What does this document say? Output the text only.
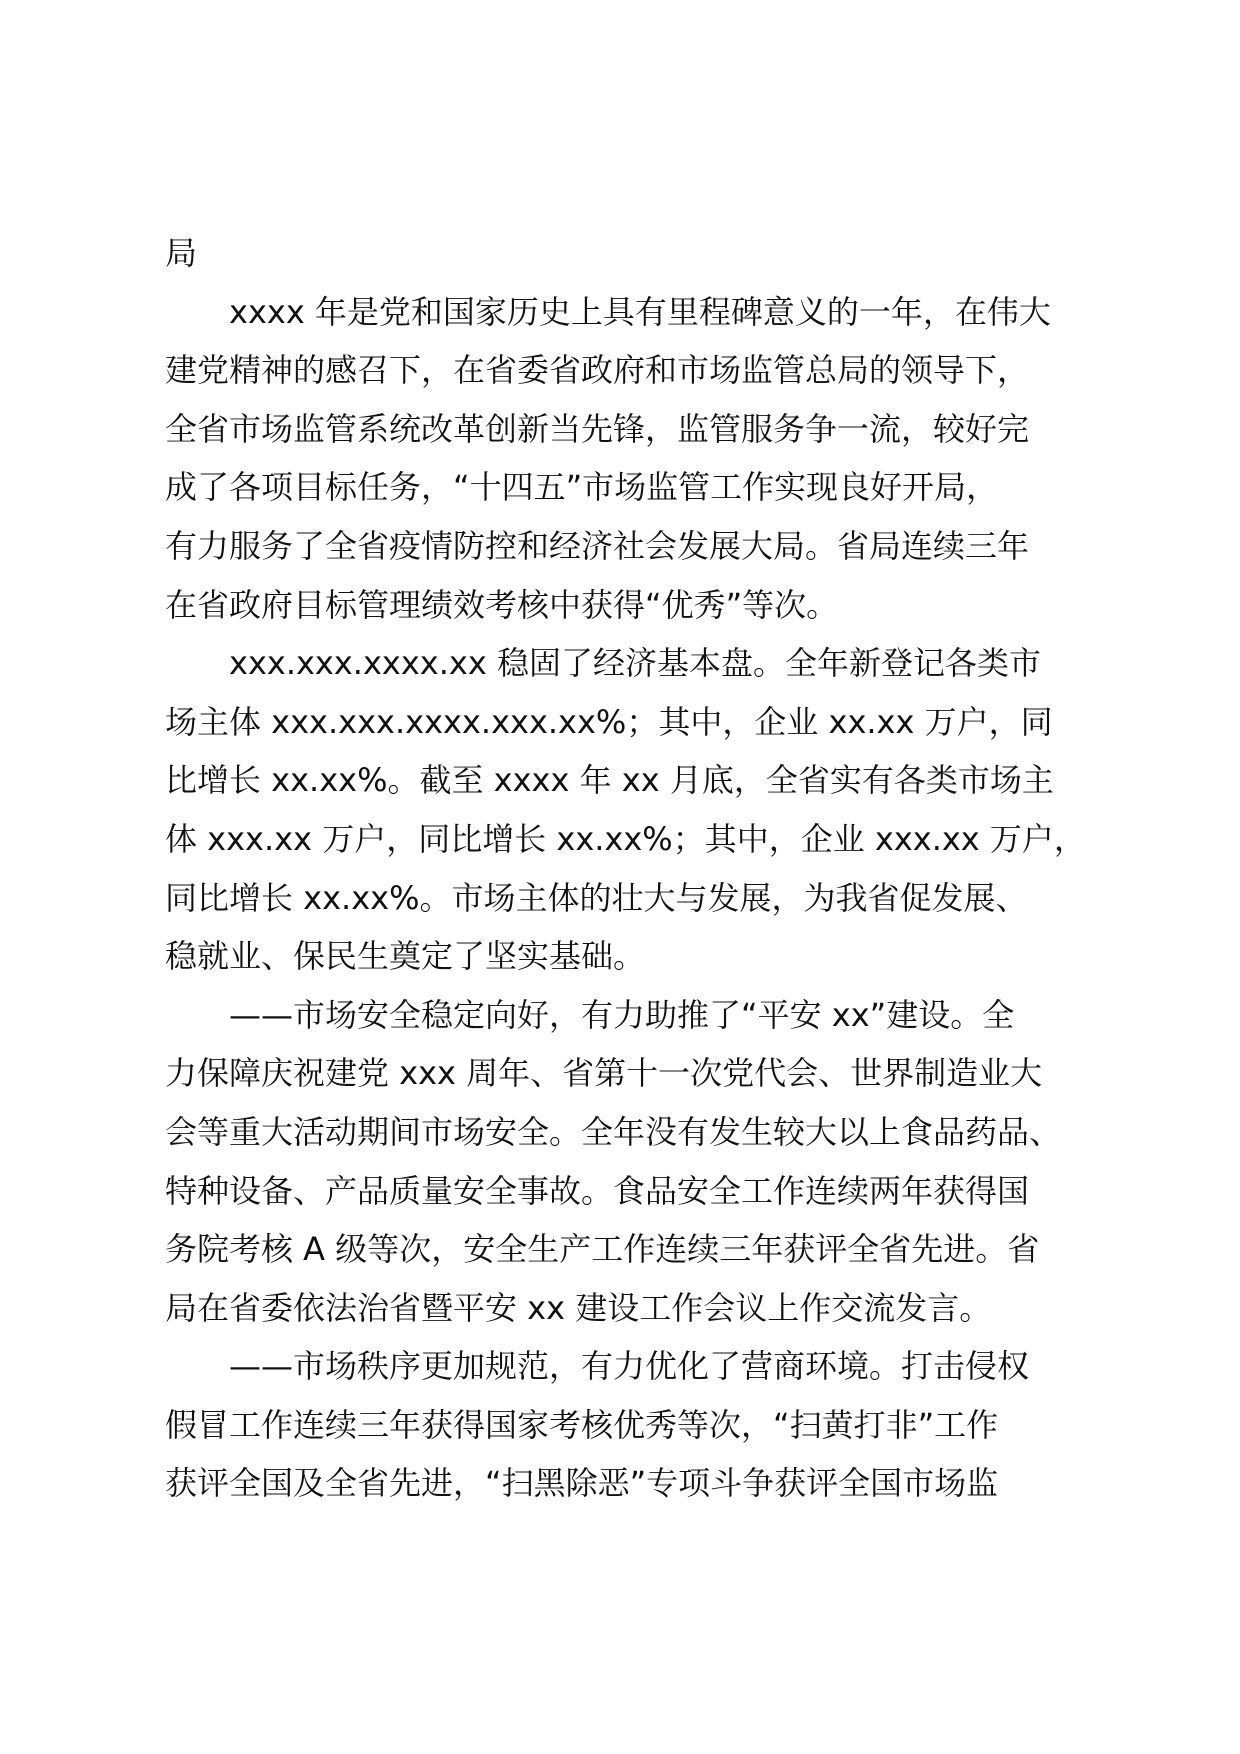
局
xxxx 年是党和国家历史上具有里程碑意义的一年，在伟大
建党精神的感召下，在省委省政府和市场监管总局的领导下，
全省市场监管系统改革创新当先锋，监管服务争一流，较好完
成了各项目标任务，“十四五”市场监管工作实现良好开局，
有力服务了全省疫情防控和经济社会发展大局。省局连续三年
在省政府目标管理绩效考核中获得“优秀”等次。
xxx.xxx.xxxx.xx 稳固了经济基本盘。全年新登记各类市
场主体 xxx.xxx.xxxx.xxx.xx%；其中，企业 xx.xx 万户，同
比增长 xx.xx%。截至 xxxx 年 xx 月底，全省实有各类市场主
体 xxx.xx 万户，同比增长 xx.xx%；其中，企业 xxx.xx 万户，
同比增长 xx.xx%。市场主体的壮大与发展，为我省促发展、
稳就业、保民生奠定了坚实基础。
——市场安全稳定向好，有力助推了“平安 xx”建设。全
力保障庆祝建党 xxx 周年、省第十一次党代会、世界制造业大
会等重大活动期间市场安全。全年没有发生较大以上食品药品、
特种设备、产品质量安全事故。食品安全工作连续两年获得国
务院考核 A 级等次，安全生产工作连续三年获评全省先进。省
局在省委依法治省暨平安 xx 建设工作会议上作交流发言。
——市场秩序更加规范，有力优化了营商环境。打击侵权
假冒工作连续三年获得国家考核优秀等次，“扫黄打非”工作
获评全国及全省先进，“扫黑除恶”专项斗争获评全国市场监
